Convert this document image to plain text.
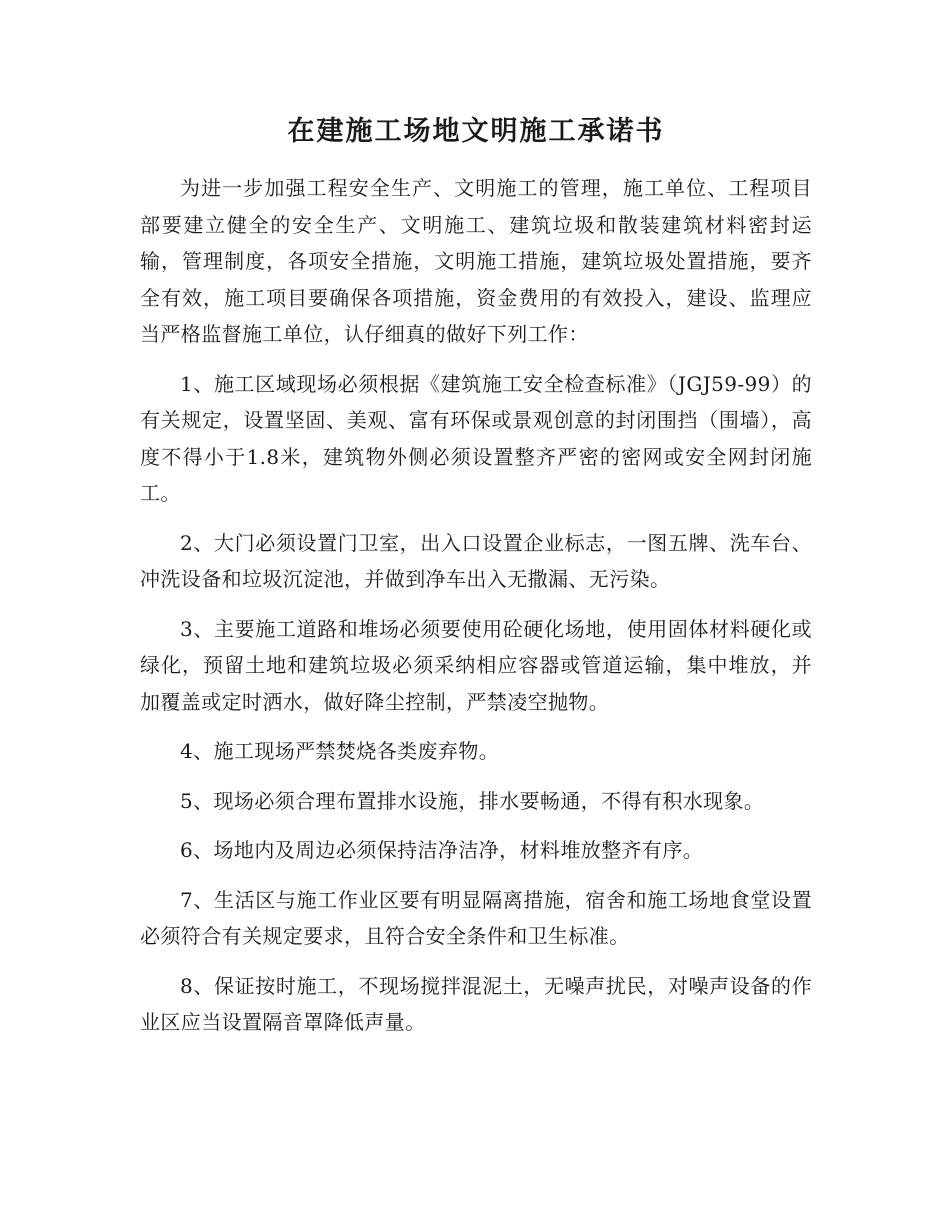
在建施工场地文明施工承诺书

为进一步加强工程安全生产、文明施工的管理，施工单位、工程项目部要建立健全的安全生产、文明施工、建筑垃圾和散装建筑材料密封运输，管理制度，各项安全措施，文明施工措施，建筑垃圾处置措施，要齐全有效，施工项目要确保各项措施，资金费用的有效投入，建设、监理应当严格监督施工单位，认仔细真的做好下列工作：

1、施工区域现场必须根据《建筑施工安全检查标准》（JGJ59-99）的有关规定，设置坚固、美观、富有环保或景观创意的封闭围挡（围墙），高度不得小于1.8米，建筑物外侧必须设置整齐严密的密网或安全网封闭施工。

2、大门必须设置门卫室，出入口设置企业标志，一图五牌、洗车台、冲洗设备和垃圾沉淀池，并做到净车出入无撒漏、无污染。

3、主要施工道路和堆场必须要使用砼硬化场地，使用固体材料硬化或绿化，预留土地和建筑垃圾必须采纳相应容器或管道运输，集中堆放，并加覆盖或定时洒水，做好降尘控制，严禁凌空抛物。

4、施工现场严禁焚烧各类废弃物。

5、现场必须合理布置排水设施，排水要畅通，不得有积水现象。

6、场地内及周边必须保持洁净洁净，材料堆放整齐有序。

7、生活区与施工作业区要有明显隔离措施，宿舍和施工场地食堂设置必须符合有关规定要求，且符合安全条件和卫生标准。

8、保证按时施工，不现场搅拌混泥土，无噪声扰民，对噪声设备的作业区应当设置隔音罩降低声量。
